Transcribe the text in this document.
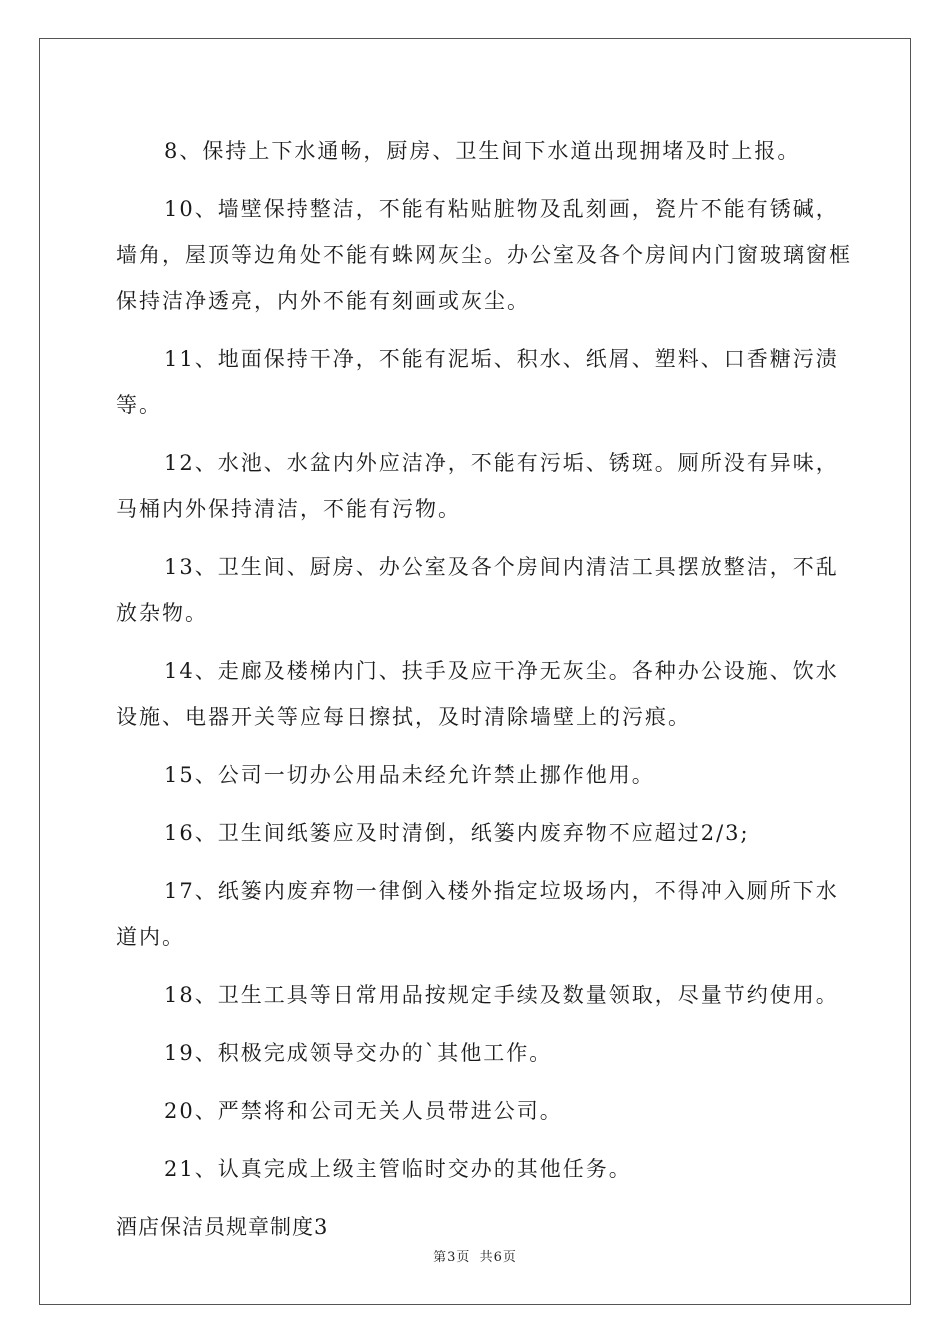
8、保持上下水通畅，厨房、卫生间下水道出现拥堵及时上报。

10、墙壁保持整洁，不能有粘贴脏物及乱刻画，瓷片不能有锈碱，墙角，屋顶等边角处不能有蛛网灰尘。办公室及各个房间内门窗玻璃窗框保持洁净透亮，内外不能有刻画或灰尘。

11、地面保持干净，不能有泥垢、积水、纸屑、塑料、口香糖污渍等。

12、水池、水盆内外应洁净，不能有污垢、锈斑。厕所没有异味，马桶内外保持清洁，不能有污物。

13、卫生间、厨房、办公室及各个房间内清洁工具摆放整洁，不乱放杂物。

14、走廊及楼梯内门、扶手及应干净无灰尘。各种办公设施、饮水设施、电器开关等应每日擦拭，及时清除墙壁上的污痕。

15、公司一切办公用品未经允许禁止挪作他用。

16、卫生间纸篓应及时清倒，纸篓内废弃物不应超过2/3;

17、纸篓内废弃物一律倒入楼外指定垃圾场内，不得冲入厕所下水道内。

18、卫生工具等日常用品按规定手续及数量领取，尽量节约使用。

19、积极完成领导交办的`其他工作。

20、严禁将和公司无关人员带进公司。

21、认真完成上级主管临时交办的其他任务。

酒店保洁员规章制度3

第3页 共6页
